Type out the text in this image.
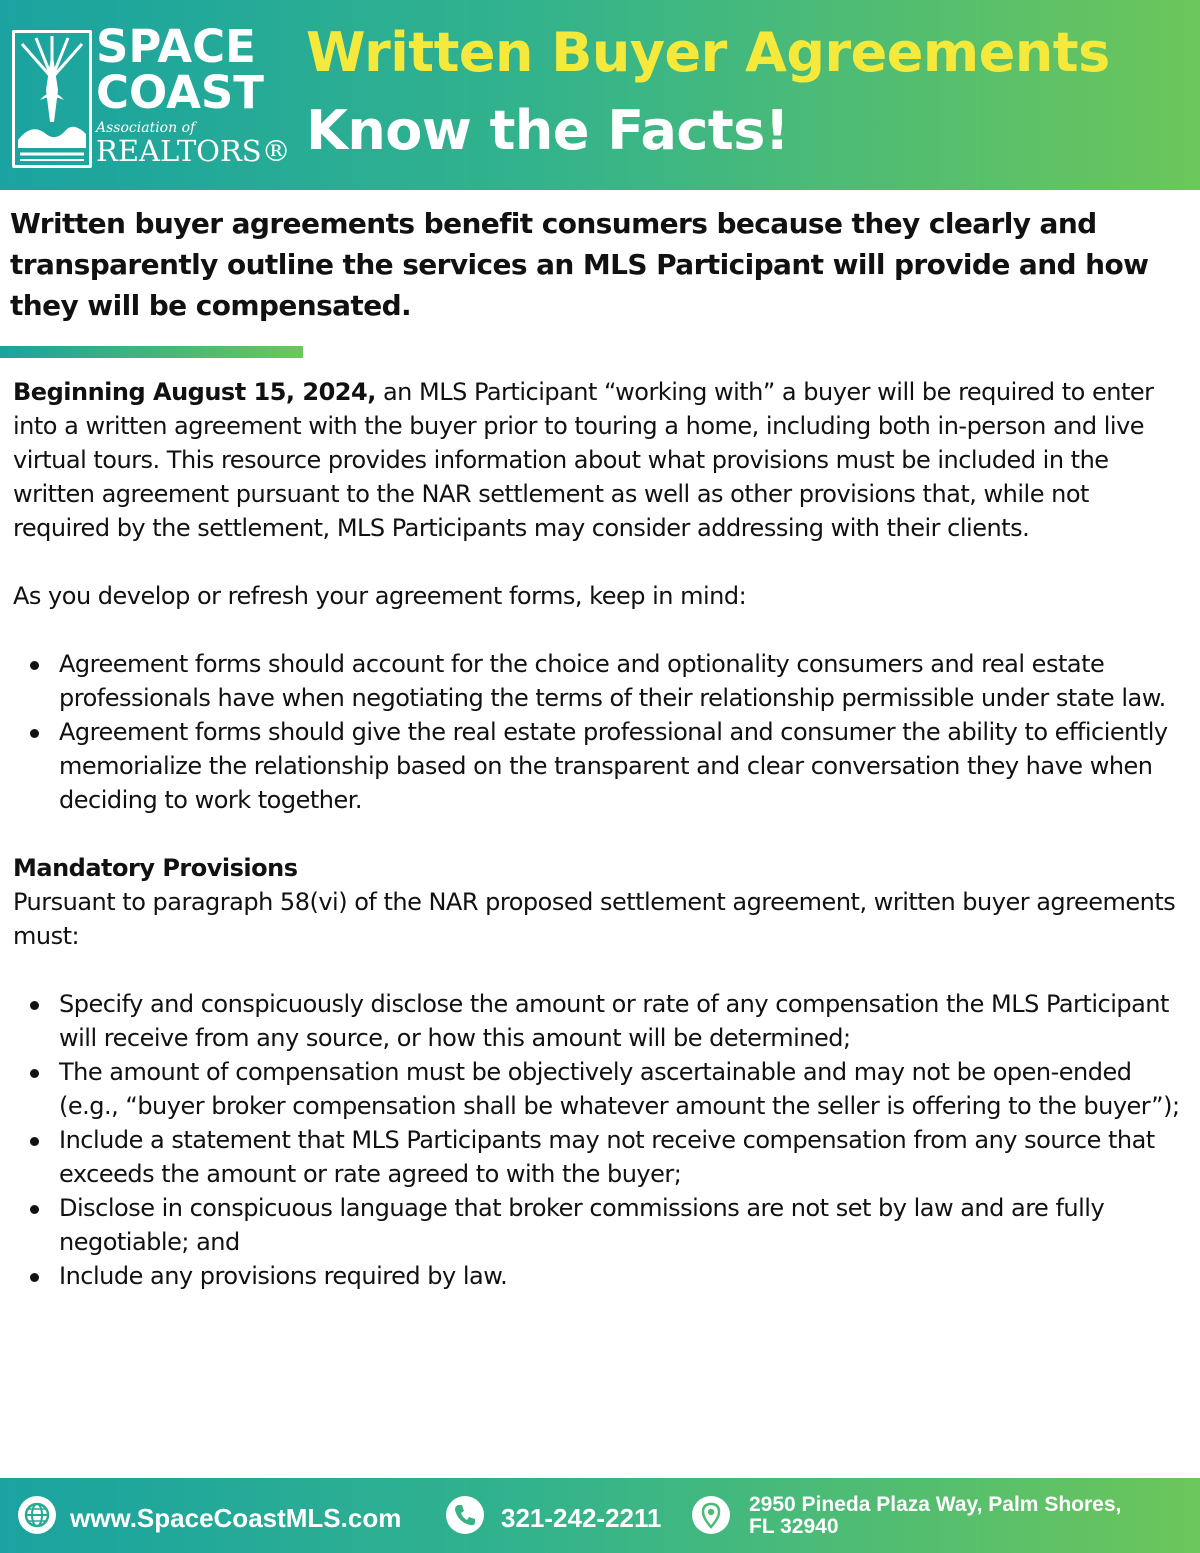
SPACE
COAST
Association of
REALTORS®
Written Buyer Agreements
Know the Facts!
Written buyer agreements benefit consumers because they clearly and transparently outline the services an MLS Participant will provide and how they will be compensated.

Beginning August 15, 2024, an MLS Participant “working with” a buyer will be required to enter into a written agreement with the buyer prior to touring a home, including both in-person and live virtual tours. This resource provides information about what provisions must be included in the written agreement pursuant to the NAR settlement as well as other provisions that, while not required by the settlement, MLS Participants may consider addressing with their clients.

As you develop or refresh your agreement forms, keep in mind:

Agreement forms should account for the choice and optionality consumers and real estate professionals have when negotiating the terms of their relationship permissible under state law.
Agreement forms should give the real estate professional and consumer the ability to efficiently memorialize the relationship based on the transparent and clear conversation they have when deciding to work together.

Mandatory Provisions

Pursuant to paragraph 58(vi) of the NAR proposed settlement agreement, written buyer agreements must:

Specify and conspicuously disclose the amount or rate of any compensation the MLS Participant will receive from any source, or how this amount will be determined;
The amount of compensation must be objectively ascertainable and may not be open-ended (e.g., “buyer broker compensation shall be whatever amount the seller is offering to the buyer”);
Include a statement that MLS Participants may not receive compensation from any source that exceeds the amount or rate agreed to with the buyer;
Disclose in conspicuous language that broker commissions are not set by law and are fully negotiable; and
Include any provisions required by law.
www.SpaceCoastMLS.com	321-242-2211	2950 Pineda Plaza Way, Palm Shores,
FL 32940
